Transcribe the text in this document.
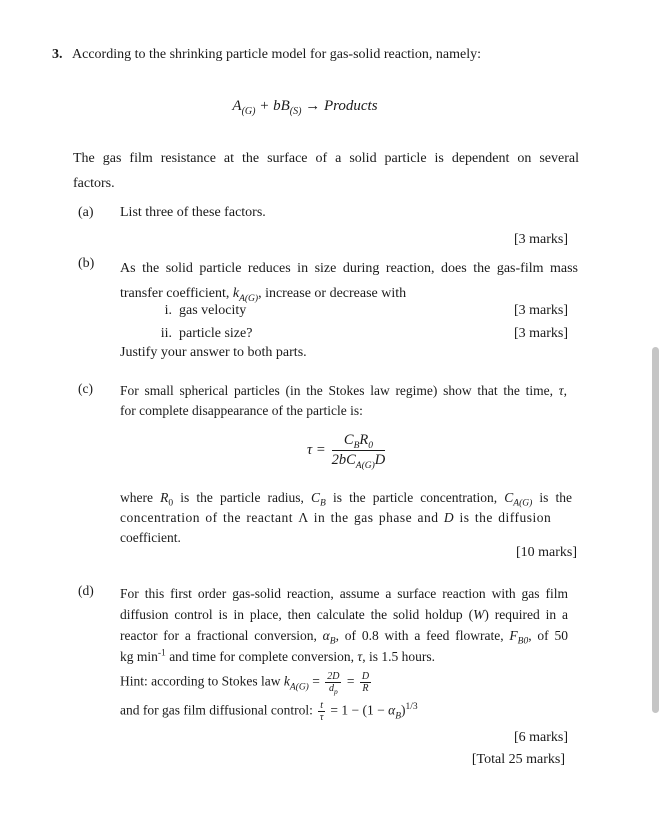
3. According to the shrinking particle model for gas-solid reaction, namely:
$A_{(G)} + bB_{(S)}$ → Products
The gas film resistance at the surface of a solid particle is dependent on several
factors.
(a) List three of these factors.
[3 marks]
(b) As the solid particle reduces in size during reaction, does the gas-film mass
transfer coefficient, $k_{A(G)}$, increase or decrease with
i. gas velocity	[3 marks]
ii. particle size?	[3 marks]
Justify your answer to both parts.
(c) For small spherical particles (in the Stokes law regime) show that the time, τ,
for complete disappearance of the particle is:
$\tau = \frac{C_BR_0}{2bC_{A(G)}D}$
where $R_0$ is the particle radius, $C_B$ is the particle concentration, $C_{A(G)}$ is the
concentration of the reactant Λ in the gas phase and D is the diffusion
coefficient.
[10 marks]
(d) For this first order gas-solid reaction, assume a surface reaction with gas film
diffusion control is in place, then calculate the solid holdup (W) required in a
reactor for a fractional conversion, $\alpha_B$, of 0.8 with a feed flowrate, $F_{B0}$, of 50
kg $\min^{-1}$ and time for complete conversion, τ, is 1.5 hours.
Hint: according to Stokes law $k_{A(G)} = \frac{2D}{d_p} = \frac{D}{R}$
and for gas film diffusional control: $\frac{t}{\tau} = 1 - (1 - \alpha_B)^{1/3}$
[6 marks]
[Total 25 marks]
